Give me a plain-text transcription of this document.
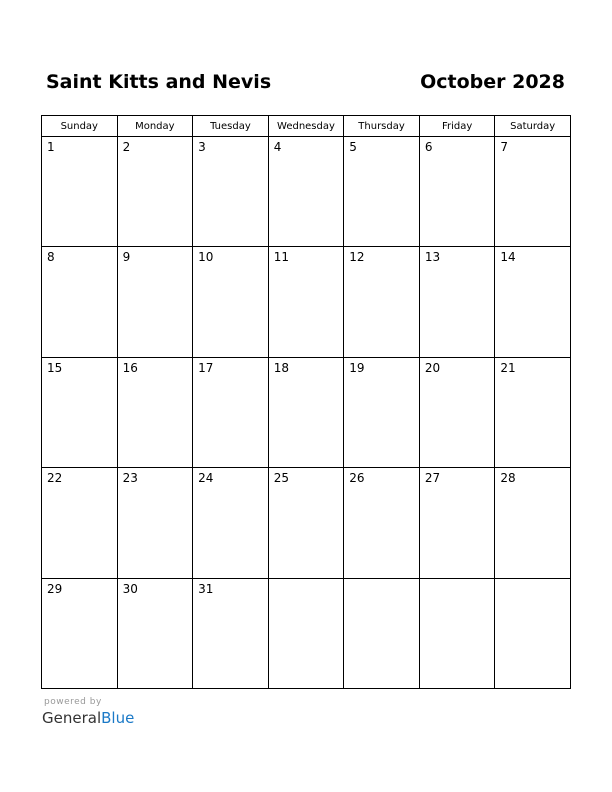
Saint Kitts and Nevis	October 2028
Sunday	Monday	Tuesday	Wednesday	Thursday	Friday	Saturday

1	2	3	4	5	6	7

8	9	10	11	12	13	14

15	16	17	18	19	20	21

22	23	24	25	26	27	28

29	30	31				

powered by
GeneralBlue
